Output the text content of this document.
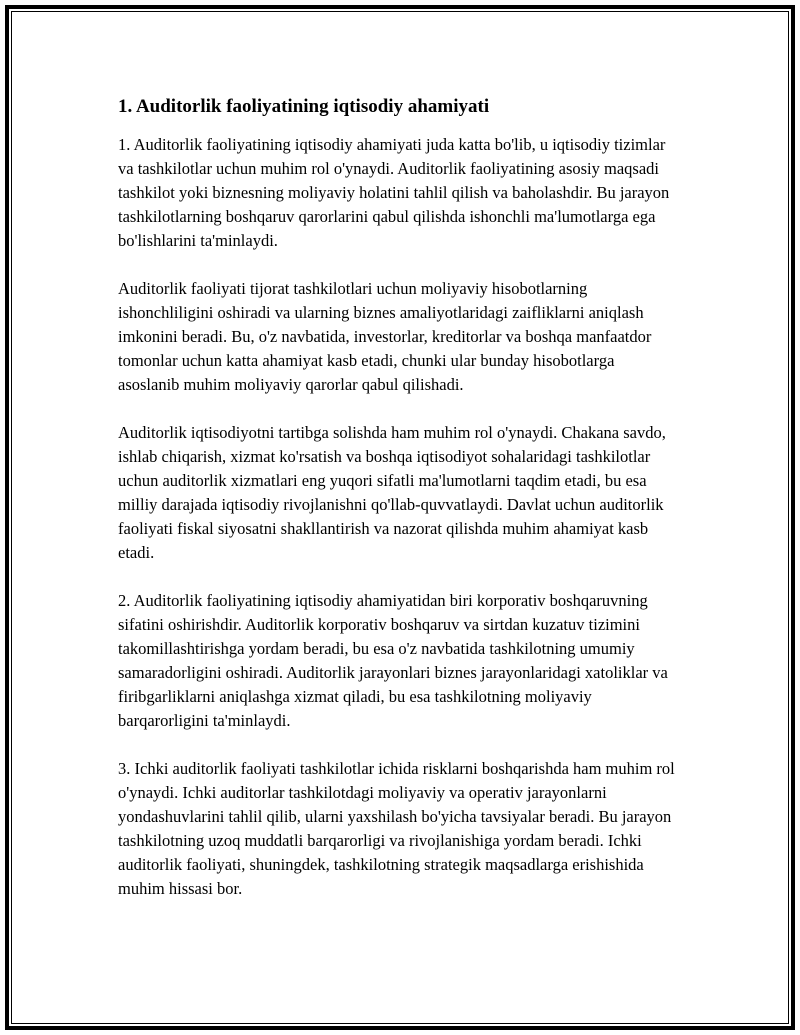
1. Auditorlik faoliyatining iqtisodiy ahamiyati

1. Auditorlik faoliyatining iqtisodiy ahamiyati juda katta bo'lib, u iqtisodiy tizimlar va tashkilotlar uchun muhim rol o'ynaydi. Auditorlik faoliyatining asosiy maqsadi tashkilot yoki biznesning moliyaviy holatini tahlil qilish va baholashdir. Bu jarayon tashkilotlarning boshqaruv qarorlarini qabul qilishda ishonchli ma'lumotlarga ega bo'lishlarini ta'minlaydi.

Auditorlik faoliyati tijorat tashkilotlari uchun moliyaviy hisobotlarning ishonchliligini oshiradi va ularning biznes amaliyotlaridagi zaifliklarni aniqlash imkonini beradi. Bu, o'z navbatida, investorlar, kreditorlar va boshqa manfaatdor tomonlar uchun katta ahamiyat kasb etadi, chunki ular bunday hisobotlarga asoslanib muhim moliyaviy qarorlar qabul qilishadi.

Auditorlik iqtisodiyotni tartibga solishda ham muhim rol o'ynaydi. Chakana savdo, ishlab chiqarish, xizmat ko'rsatish va boshqa iqtisodiyot sohalaridagi tashkilotlar uchun auditorlik xizmatlari eng yuqori sifatli ma'lumotlarni taqdim etadi, bu esa milliy darajada iqtisodiy rivojlanishni qo'llab-quvvatlaydi. Davlat uchun auditorlik faoliyati fiskal siyosatni shakllantirish va nazorat qilishda muhim ahamiyat kasb etadi.

2. Auditorlik faoliyatining iqtisodiy ahamiyatidan biri korporativ boshqaruvning sifatini oshirishdir. Auditorlik korporativ boshqaruv va sirtdan kuzatuv tizimini takomillashtirishga yordam beradi, bu esa o'z navbatida tashkilotning umumiy samaradorligini oshiradi. Auditorlik jarayonlari biznes jarayonlaridagi xatoliklar va firibgarliklarni aniqlashga xizmat qiladi, bu esa tashkilotning moliyaviy barqarorligini ta'minlaydi.

3. Ichki auditorlik faoliyati tashkilotlar ichida risklarni boshqarishda ham muhim rol o'ynaydi. Ichki auditorlar tashkilotdagi moliyaviy va operativ jarayonlarni yondashuvlarini tahlil qilib, ularni yaxshilash bo'yicha tavsiyalar beradi. Bu jarayon tashkilotning uzoq muddatli barqarorligi va rivojlanishiga yordam beradi. Ichki auditorlik faoliyati, shuningdek, tashkilotning strategik maqsadlarga erishishida muhim hissasi bor.
